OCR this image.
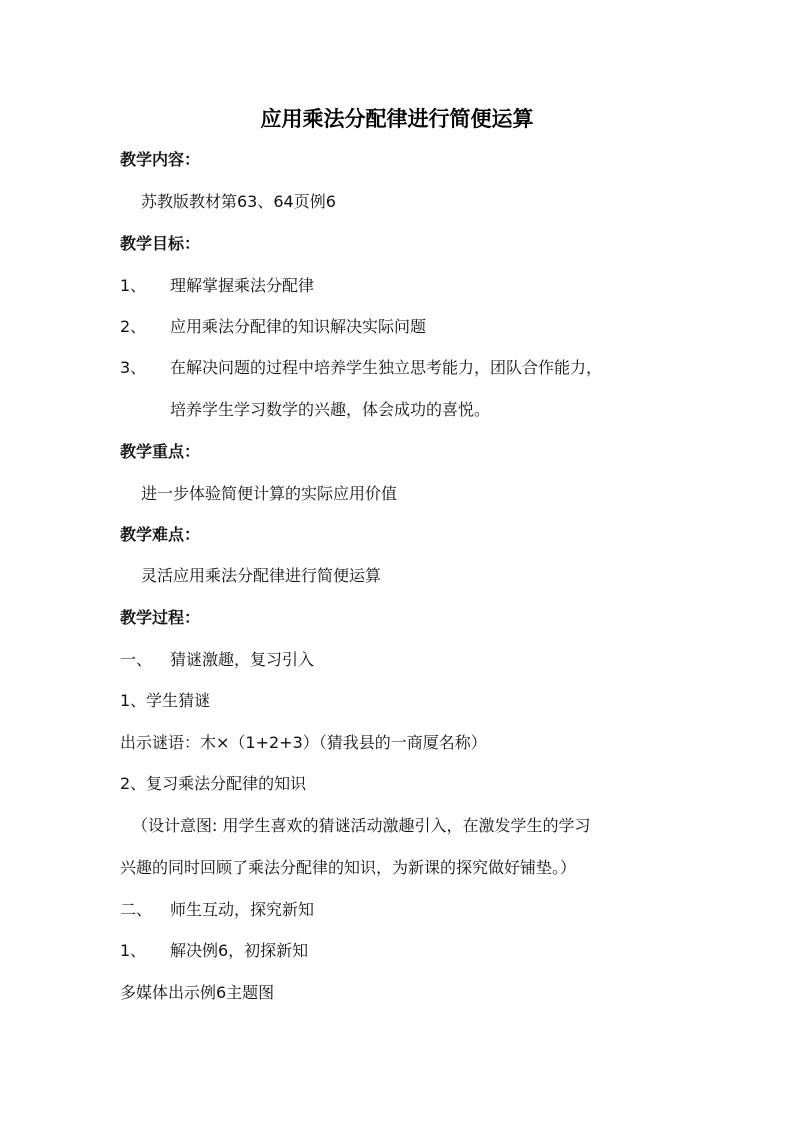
应用乘法分配律进行简便运算
教学内容：
苏教版教材第63、64页例6
教学目标：
1、 理解掌握乘法分配律
2、 应用乘法分配律的知识解决实际问题
3、 在解决问题的过程中培养学生独立思考能力，团队合作能力，
培养学生学习数学的兴趣，体会成功的喜悦。
教学重点：
进一步体验简便计算的实际应用价值
教学难点：
灵活应用乘法分配律进行简便运算
教学过程：
一、 猜谜激趣，复习引入
1、学生猜谜
出示谜语：木×（1+2+3）（猜我县的一商厦名称）
2、复习乘法分配律的知识
（设计意图: 用学生喜欢的猜谜活动激趣引入，在激发学生的学习
兴趣的同时回顾了乘法分配律的知识，为新课的探究做好铺垫。）
二、 师生互动，探究新知
1、 解决例6，初探新知
多媒体出示例6主题图
